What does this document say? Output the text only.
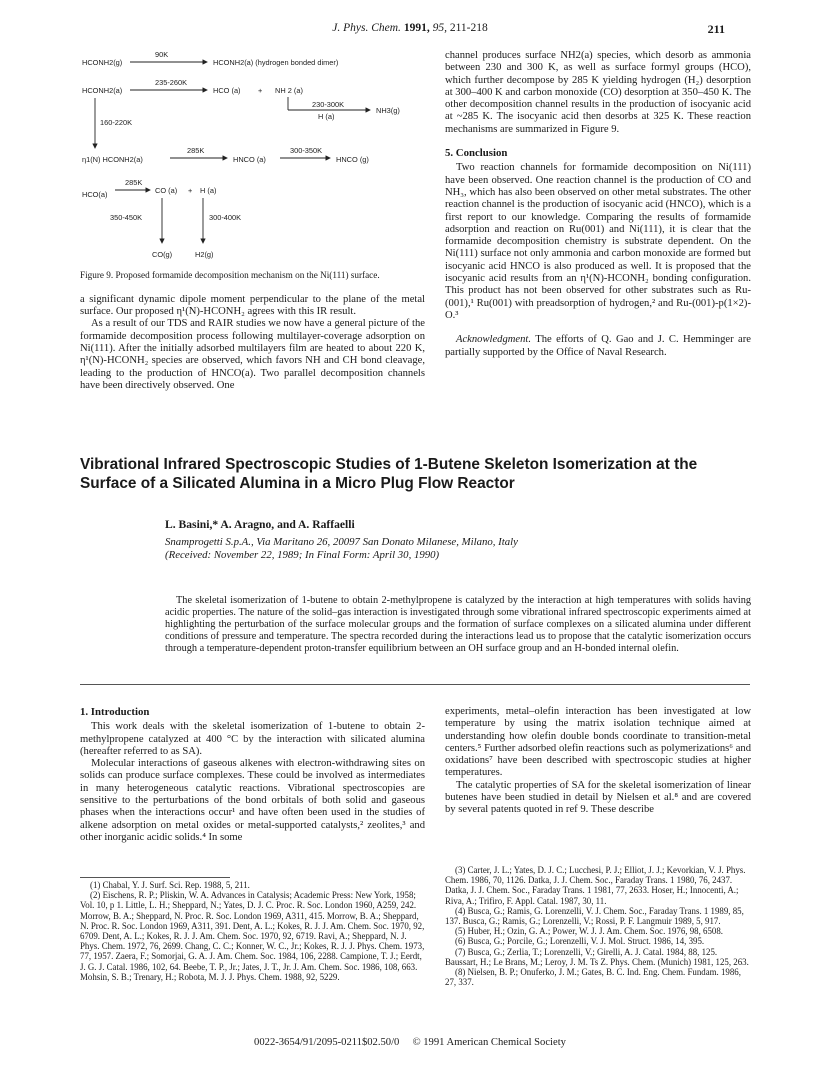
J. Phys. Chem. 1991, 95, 211-218	211
HCONH2(g)
90K
HCONH2(a) (hydrogen bonded dimer)
HCONH2(a)
235-260K
HCO (a) + NH 2 (a)
230-300K
H (a)
NH3(g)
160-220K
η1(N) HCONH2(a)
285K
HNCO (a)
300-350K
HNCO (g)
HCO(a)
285K
CO (a) + H (a)
350-450K	300-400K
CO(g)	H2(g)

Figure 9. Proposed formamide decomposition mechanism on the Ni(111) surface.

a significant dynamic dipole moment perpendicular to the plane of the metal surface. Our proposed η¹(N)-HCONH₂ agrees with this IR result.

As a result of our TDS and RAIR studies we now have a general picture of the formamide decomposition process following multilayer-coverage adsorption on Ni(111). After the initially adsorbed multilayers film are heated to about 220 K, η¹(N)-HCONH₂ species are observed, which favors NH and CH bond cleavage, leading to the production of HNCO(a). Two parallel decomposition channels have been directively observed. One

channel produces surface NH2(a) species, which desorb as ammonia between 230 and 300 K, as well as surface formyl groups (HCO), which further decompose by 285 K yielding hydrogen (H₂) desorption at 300–400 K and carbon monoxide (CO) desorption at 350–450 K. The other decomposition channel results in the production of isocyanic acid at ~285 K. The isocyanic acid then desorbs at 325 K. These reaction mechanisms are summarized in Figure 9.

5. Conclusion

Two reaction channels for formamide decomposition on Ni(111) have been observed. One reaction channel is the production of CO and NH₃, which has also been observed on other metal substrates. The other reaction channel is the production of isocyanic acid (HNCO), which is a first report to our knowledge. Comparing the results of formamide adsorption and reaction on Ru(001) and Ni(111), it is clear that the formamide decomposition chemistry is substrate dependent. On the Ni(111) surface not only ammonia and carbon monoxide are formed but isocyanic acid HNCO is also produced as well. It is proposed that the isocyanic acid results from an η¹(N)-HCONH₂ bonding configuration. This product has not been observed for other substrates such as Ru-(001),¹ Ru(001) with preadsorption of hydrogen,² and Ru-(001)-p(1×2)-O.³

Acknowledgment. The efforts of Q. Gao and J. C. Hemminger are partially supported by the Office of Naval Research.

Vibrational Infrared Spectroscopic Studies of 1-Butene Skeleton Isomerization at the Surface of a Silicated Alumina in a Micro Plug Flow Reactor
L. Basini,* A. Aragno, and A. Raffaelli
Snamprogetti S.p.A., Via Maritano 26, 20097 San Donato Milanese, Milano, Italy
(Received: November 22, 1989; In Final Form: April 30, 1990)
The skeletal isomerization of 1-butene to obtain 2-methylpropene is catalyzed by the interaction at high temperatures with solids having acidic properties. The nature of the solid–gas interaction is investigated through some vibrational infrared spectroscopic experiments aimed at highlighting the perturbation of the surface molecular groups and the formation of surface complexes on a silicated alumina under different conditions of pressure and temperature. The spectra recorded during the interactions lead us to propose that the catalytic isomerization occurs through a temperature-dependent proton-transfer equilibrium between an OH surface group and an H-bonded internal olefin.
1. Introduction

This work deals with the skeletal isomerization of 1-butene to obtain 2-methylpropene catalyzed at 400 °C by the interaction with silicated alumina (hereafter referred to as SA).

Molecular interactions of gaseous alkenes with electron-withdrawing sites on solids can produce surface complexes. These could be involved as intermediates in many heterogeneous catalytic reactions. Vibrational spectroscopies are sensitive to the perturbations of the bond orbitals of both solid and gaseous phases when the interactions occur¹ and have often been used in the studies of alkene adsorption on metal oxides or metal-supported catalysts,² zeolites,³ and other inorganic acidic solids.⁴ In some

experiments, metal–olefin interaction has been investigated at low temperature by using the matrix isolation technique aimed at understanding how olefin double bonds coordinate to transition-metal centers.⁵ Further adsorbed olefin reactions such as polymerizations⁶ and oxidations⁷ have been described with spectroscopic studies at higher temperatures.

The catalytic properties of SA for the skeletal isomerization of linear butenes have been studied in detail by Nielsen et al.⁸ and are covered by several patents quoted in ref 9. These describe

(1) Chabal, Y. J. Surf. Sci. Rep. 1988, 5, 211.

(2) Eischens, R. P.; Pliskin, W. A. Advances in Catalysis; Academic Press: New York, 1958; Vol. 10, p 1. Little, L. H.; Sheppard, N.; Yates, D. J. C. Proc. R. Soc. London 1960, A259, 242. Morrow, B. A.; Sheppard, N. Proc. R. Soc. London 1969, A311, 415. Morrow, B. A.; Sheppard, N. Proc. R. Soc. London 1969, A311, 391. Dent, A. L.; Kokes, R. J. J. Am. Chem. Soc. 1970, 92, 6709. Dent, A. L.; Kokes, R. J. J. Am. Chem. Soc. 1970, 92, 6719. Ravi, A.; Sheppard, N. J. Phys. Chem. 1972, 76, 2699. Chang, C. C.; Konner, W. C., Jr.; Kokes, R. J. J. Phys. Chem. 1973, 77, 1957. Zaera, F.; Somorjai, G. A. J. Am. Chem. Soc. 1984, 106, 2288. Campione, T. J.; Eerdt, J. G. J. Catal. 1986, 102, 64. Beebe, T. P., Jr.; Jates, J. T., Jr. J. Am. Chem. Soc. 1986, 108, 663. Mohsin, S. B.; Trenary, H.; Robota, M. J. J. Phys. Chem. 1988, 92, 5229.

(3) Carter, J. L.; Yates, D. J. C.; Lucchesi, P. J.; Elliot, J. J.; Kevorkian, V. J. Phys. Chem. 1986, 70, 1126. Datka, J. J. Chem. Soc., Faraday Trans. 1 1980, 76, 2437. Datka, J. J. Chem. Soc., Faraday Trans. 1 1981, 77, 2633. Hoser, H.; Innocenti, A.; Riva, A.; Trifiro, F. Appl. Catal. 1987, 30, 11.

(4) Busca, G.; Ramis, G. Lorenzelli, V. J. Chem. Soc., Faraday Trans. 1 1989, 85, 137. Busca, G.; Ramis, G.; Lorenzelli, V.; Rossi, P. F. Langmuir 1989, 5, 917.

(5) Huber, H.; Ozin, G. A.; Power, W. J. J. Am. Chem. Soc. 1976, 98, 6508.

(6) Busca, G.; Porcile, G.; Lorenzelli, V. J. Mol. Struct. 1986, 14, 395.

(7) Busca, G.; Zerlia, T.; Lorenzelli, V.; Girelli, A. J. Catal. 1984, 88, 125. Baussart, H.; Le Brans, M.; Leroy, J. M. Ts Z. Phys. Chem. (Munich) 1981, 125, 263.

(8) Nielsen, B. P.; Onuferko, J. M.; Gates, B. C. Ind. Eng. Chem. Fundam. 1986, 27, 337.

0022-3654/91/2095-0211$02.50/0 © 1991 American Chemical Society
